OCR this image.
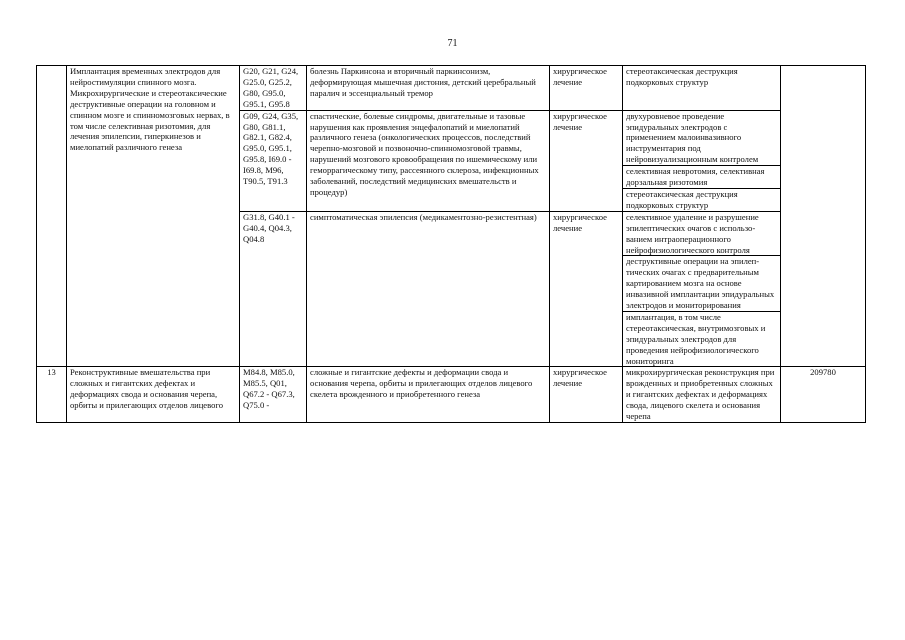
71
	Имплантация временных электродов для нейростимуляции спинного мозга. Микрохирургические и стереотаксические деструктивные операции на головном и спинном мозге и спинномозговых нервах, в том числе селективная ризотомия, для лечения эпилепсии, гиперкинезов и миелопатий различного генеза	G20, G21, G24, G25.0, G25.2, G80, G95.0, G95.1, G95.8	болезнь Паркинсона и вторичный паркинсонизм, деформирующая мышечная дистония, детский церебральный паралич и эссенциальный тремор	хирургическое лечение	стереотаксическая деструкция подкорковых структур	
		G09, G24, G35, G80, G81.1, G82.1, G82.4, G95.0, G95.1, G95.8, I69.0 - I69.8, M96, T90.5, T91.3	спастические, болевые синдромы, двигательные и тазовые нарушения как проявления энцефалопатий и миелопатий различного генеза (онкологических процессов, последствий черепно-мозговой и позвоночно-спинномозговой травмы, нарушений мозгового кровообращения по ишемическому или геморрагическому типу, рассеянного склероза, инфекционных заболеваний, последствий медицинских вмешательств и процедур)	хирургическое лечение	двухуровневое проведение эпидуральных электродов с применением малоинвазивного инструментария под нейровизуализационным контролем	
					селективная невротомия, селективная дорзальная ризотомия	
					стереотаксическая деструкция подкорковых структур	
		G31.8, G40.1 - G40.4, Q04.3, Q04.8	симптоматическая эпилепсия (медикаментозно-резистентная)	хирургическое лечение	селективное удаление и разрушение эпилептических очагов с использо- ванием интраоперационного нейрофизиологического контроля	
					деструктивные операции на эпилеп- тических очагах с предварительным картированием мозга на основе инвазивной имплантации эпидуральных электродов и мониторирования	
					имплантация, в том числе стереотаксическая, внутримозговых и эпидуральных электродов для проведения нейрофизиологического мониторинга	
13	Реконструктивные вмешательства при сложных и гигантских дефектах и деформациях свода и основания черепа, орбиты и прилегающих отделов лицевого	M84.8, M85.0, M85.5, Q01, Q67.2 - Q67.3, Q75.0 -	сложные и гигантские дефекты и деформации свода и основания черепа, орбиты и прилегающих отделов лицевого скелета врожденного и приобретенного генеза	хирургическое лечение	микрохирургическая реконструкция при врожденных и приобретенных сложных и гигантских дефектах и деформациях свода, лицевого скелета и основания черепа	209780
